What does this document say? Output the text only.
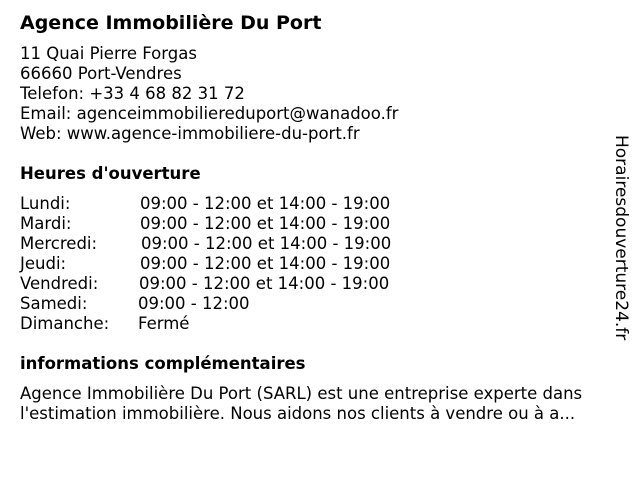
Agence Immobilière Du Port
11 Quai Pierre Forgas
66660 Port-Vendres
Telefon: +33 4 68 82 31 72
Email: agenceimmobiliereduport@wanadoo.fr
Web: www.agence-immobiliere-du-port.fr
Heures d'ouverture
Lundi:	09:00 - 12:00 et 14:00 - 19:00
Mardi:	09:00 - 12:00 et 14:00 - 19:00
Mercredi:	09:00 - 12:00 et 14:00 - 19:00
Jeudi:	09:00 - 12:00 et 14:00 - 19:00
Vendredi: 09:00 - 12:00 et 14:00 - 19:00
Samedi:	09:00 - 12:00
Dimanche: Fermé
informations complémentaires
Agence Immobilière Du Port (SARL) est une entreprise experte dans
l'estimation immobilière. Nous aidons nos clients à vendre ou à a...
Horairesdouverture24.fr
